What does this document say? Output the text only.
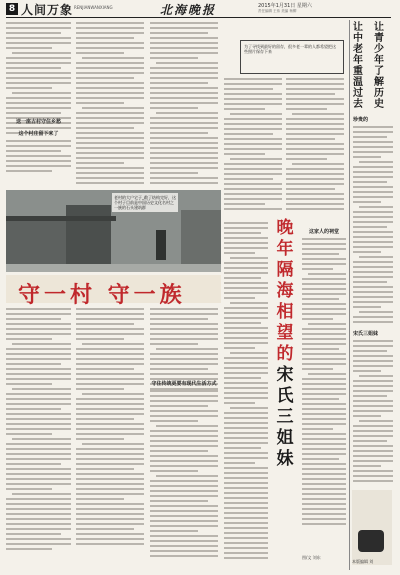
8 人间万象 RENJIANWANXIANG	北海晚报	2015年1月31日 星期六
责任编辑 王伟 美编 杨柳
这个村庄留下来了
老村的大户宅子_敞了结构完好，这个村子目前是中国历史文化名村之一族的石头建筑群
守一村 守一族
守住传统更要有现代生活方式
为了寻找到最好的留存，很多老一辈的人都希望把这些照片保存下来
晚
年
隔
海
相
望
的
宋
氏
三
姐
妹
这家人的祠堂
图/文 刘东
让
中
老
年
重
温
过
去
让
青
少
年
了
解
历
史
珍贵的
宋氏三姐妹
本版编辑 刘
送一座古村守住乡愁
